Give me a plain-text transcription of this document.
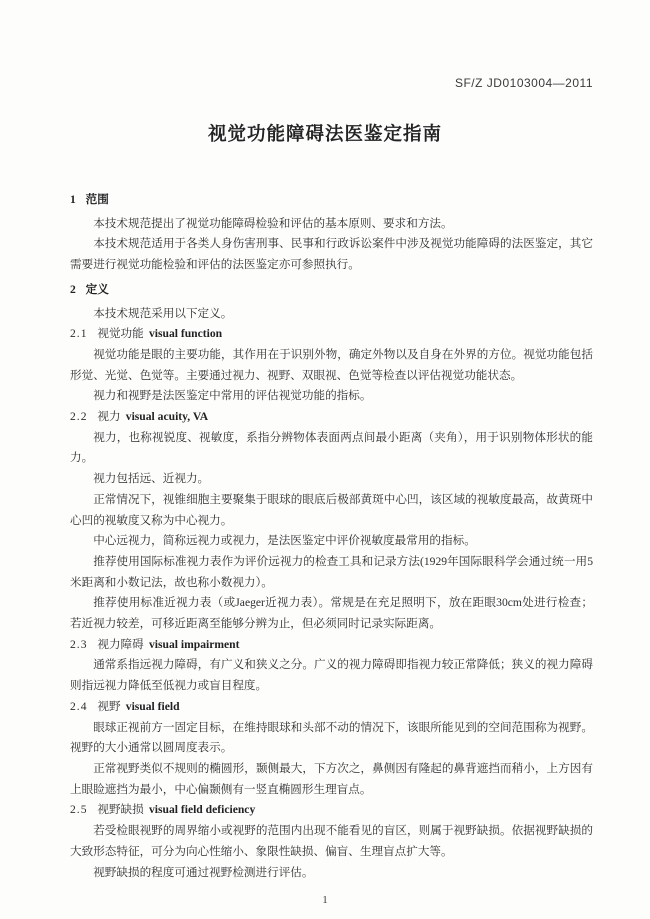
SF/Z JD0103004—2011
视觉功能障碍法医鉴定指南
1 范围

本技术规范提出了视觉功能障碍检验和评估的基本原则、要求和方法。

本技术规范适用于各类人身伤害刑事、民事和行政诉讼案件中涉及视觉功能障碍的法医鉴定，其它需要进行视觉功能检验和评估的法医鉴定亦可参照执行。

2 定义

本技术规范采用以下定义。

2.1 视觉功能 visual function

视觉功能是眼的主要功能，其作用在于识别外物，确定外物以及自身在外界的方位。视觉功能包括形觉、光觉、色觉等。主要通过视力、视野、双眼视、色觉等检查以评估视觉功能状态。

视力和视野是法医鉴定中常用的评估视觉功能的指标。

2.2 视力 visual acuity, VA

视力，也称视锐度、视敏度，系指分辨物体表面两点间最小距离（夹角），用于识别物体形状的能力。

视力包括远、近视力。

正常情况下，视锥细胞主要聚集于眼球的眼底后极部黄斑中心凹，该区域的视敏度最高，故黄斑中心凹的视敏度又称为中心视力。

中心远视力，简称远视力或视力，是法医鉴定中评价视敏度最常用的指标。

推荐使用国际标准视力表作为评价远视力的检查工具和记录方法(1929年国际眼科学会通过统一用5米距离和小数记法，故也称小数视力）。

推荐使用标准近视力表（或Jaeger近视力表）。常规是在充足照明下，放在距眼30cm处进行检查；若近视力较差，可移近距离至能够分辨为止，但必须同时记录实际距离。

2.3 视力障碍 visual impairment

通常系指远视力障碍，有广义和狭义之分。广义的视力障碍即指视力较正常降低；狭义的视力障碍则指远视力降低至低视力或盲目程度。

2.4 视野 visual field

眼球正视前方一固定目标，在维持眼球和头部不动的情况下，该眼所能见到的空间范围称为视野。视野的大小通常以圆周度表示。

正常视野类似不规则的椭圆形，颞侧最大，下方次之，鼻侧因有隆起的鼻背遮挡而稍小，上方因有上眼睑遮挡为最小，中心偏颞侧有一竖直椭圆形生理盲点。

2.5 视野缺损 visual field deficiency

若受检眼视野的周界缩小或视野的范围内出现不能看见的盲区，则属于视野缺损。依据视野缺损的大致形态特征，可分为向心性缩小、象限性缺损、偏盲、生理盲点扩大等。

视野缺损的程度可通过视野检测进行评估。

1
